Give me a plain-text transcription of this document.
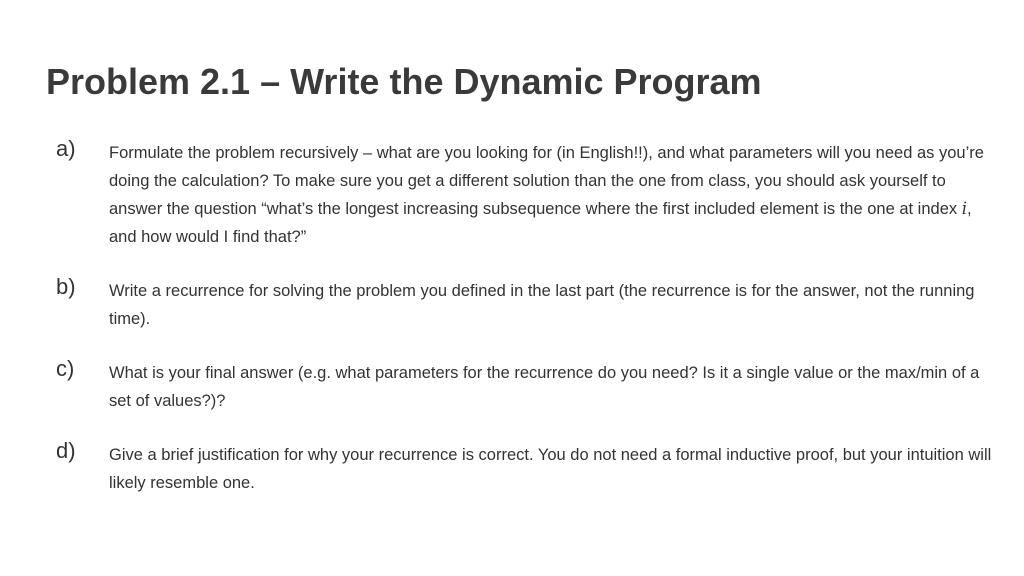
Problem 2.1 – Write the Dynamic Program
a) Formulate the problem recursively – what are you looking for (in English!!), and what parameters will you need as you’re doing the calculation? To make sure you get a different solution than the one from class, you should ask yourself to answer the question “what’s the longest increasing subsequence where the first included element is the one at index i, and how would I find that?”
b) Write a recurrence for solving the problem you defined in the last part (the recurrence is for the answer, not the running time).
c) What is your final answer (e.g. what parameters for the recurrence do you need? Is it a single value or the max/min of a set of values?)?
d) Give a brief justification for why your recurrence is correct. You do not need a formal inductive proof, but your intuition will likely resemble one.
